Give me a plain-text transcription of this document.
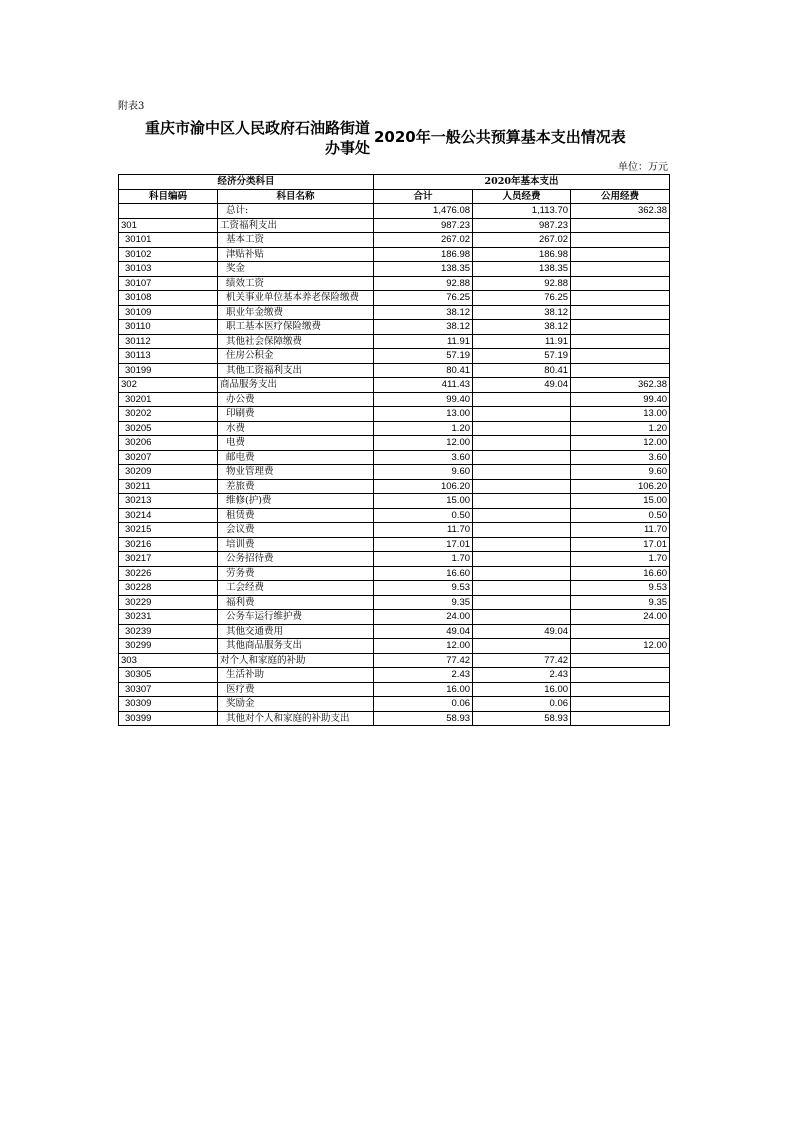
附表3
重庆市渝中区人民政府石油路街道
办事处
2020年一般公共预算基本支出情况表
单位：万元
经济分类科目		2020年基本支出		
科目编码	科目名称	合计	人员经费	公用经费
	总计:	1,476.08	1,113.70	362.38
301	工资福利支出	987.23	987.23	
30101	基本工资	267.02	267.02	
30102	津贴补贴	186.98	186.98	
30103	奖金	138.35	138.35	
30107	绩效工资	92.88	92.88	
30108	机关事业单位基本养老保险缴费	76.25	76.25	
30109	职业年金缴费	38.12	38.12	
30110	职工基本医疗保险缴费	38.12	38.12	
30112	其他社会保障缴费	11.91	11.91	
30113	住房公积金	57.19	57.19	
30199	其他工资福利支出	80.41	80.41	
302	商品服务支出	411.43	49.04	362.38
30201	办公费	99.40		99.40
30202	印刷费	13.00		13.00
30205	水费	1.20		1.20
30206	电费	12.00		12.00
30207	邮电费	3.60		3.60
30209	物业管理费	9.60		9.60
30211	差旅费	106.20		106.20
30213	维修(护)费	15.00		15.00
30214	租赁费	0.50		0.50
30215	会议费	11.70		11.70
30216	培训费	17.01		17.01
30217	公务招待费	1.70		1.70
30226	劳务费	16.60		16.60
30228	工会经费	9.53		9.53
30229	福利费	9.35		9.35
30231	公务车运行维护费	24.00		24.00
30239	其他交通费用	49.04	49.04	
30299	其他商品服务支出	12.00		12.00
303	对个人和家庭的补助	77.42	77.42	
30305	生活补助	2.43	2.43	
30307	医疗费	16.00	16.00	
30309	奖励金	0.06	0.06	
30399	其他对个人和家庭的补助支出	58.93	58.93	
